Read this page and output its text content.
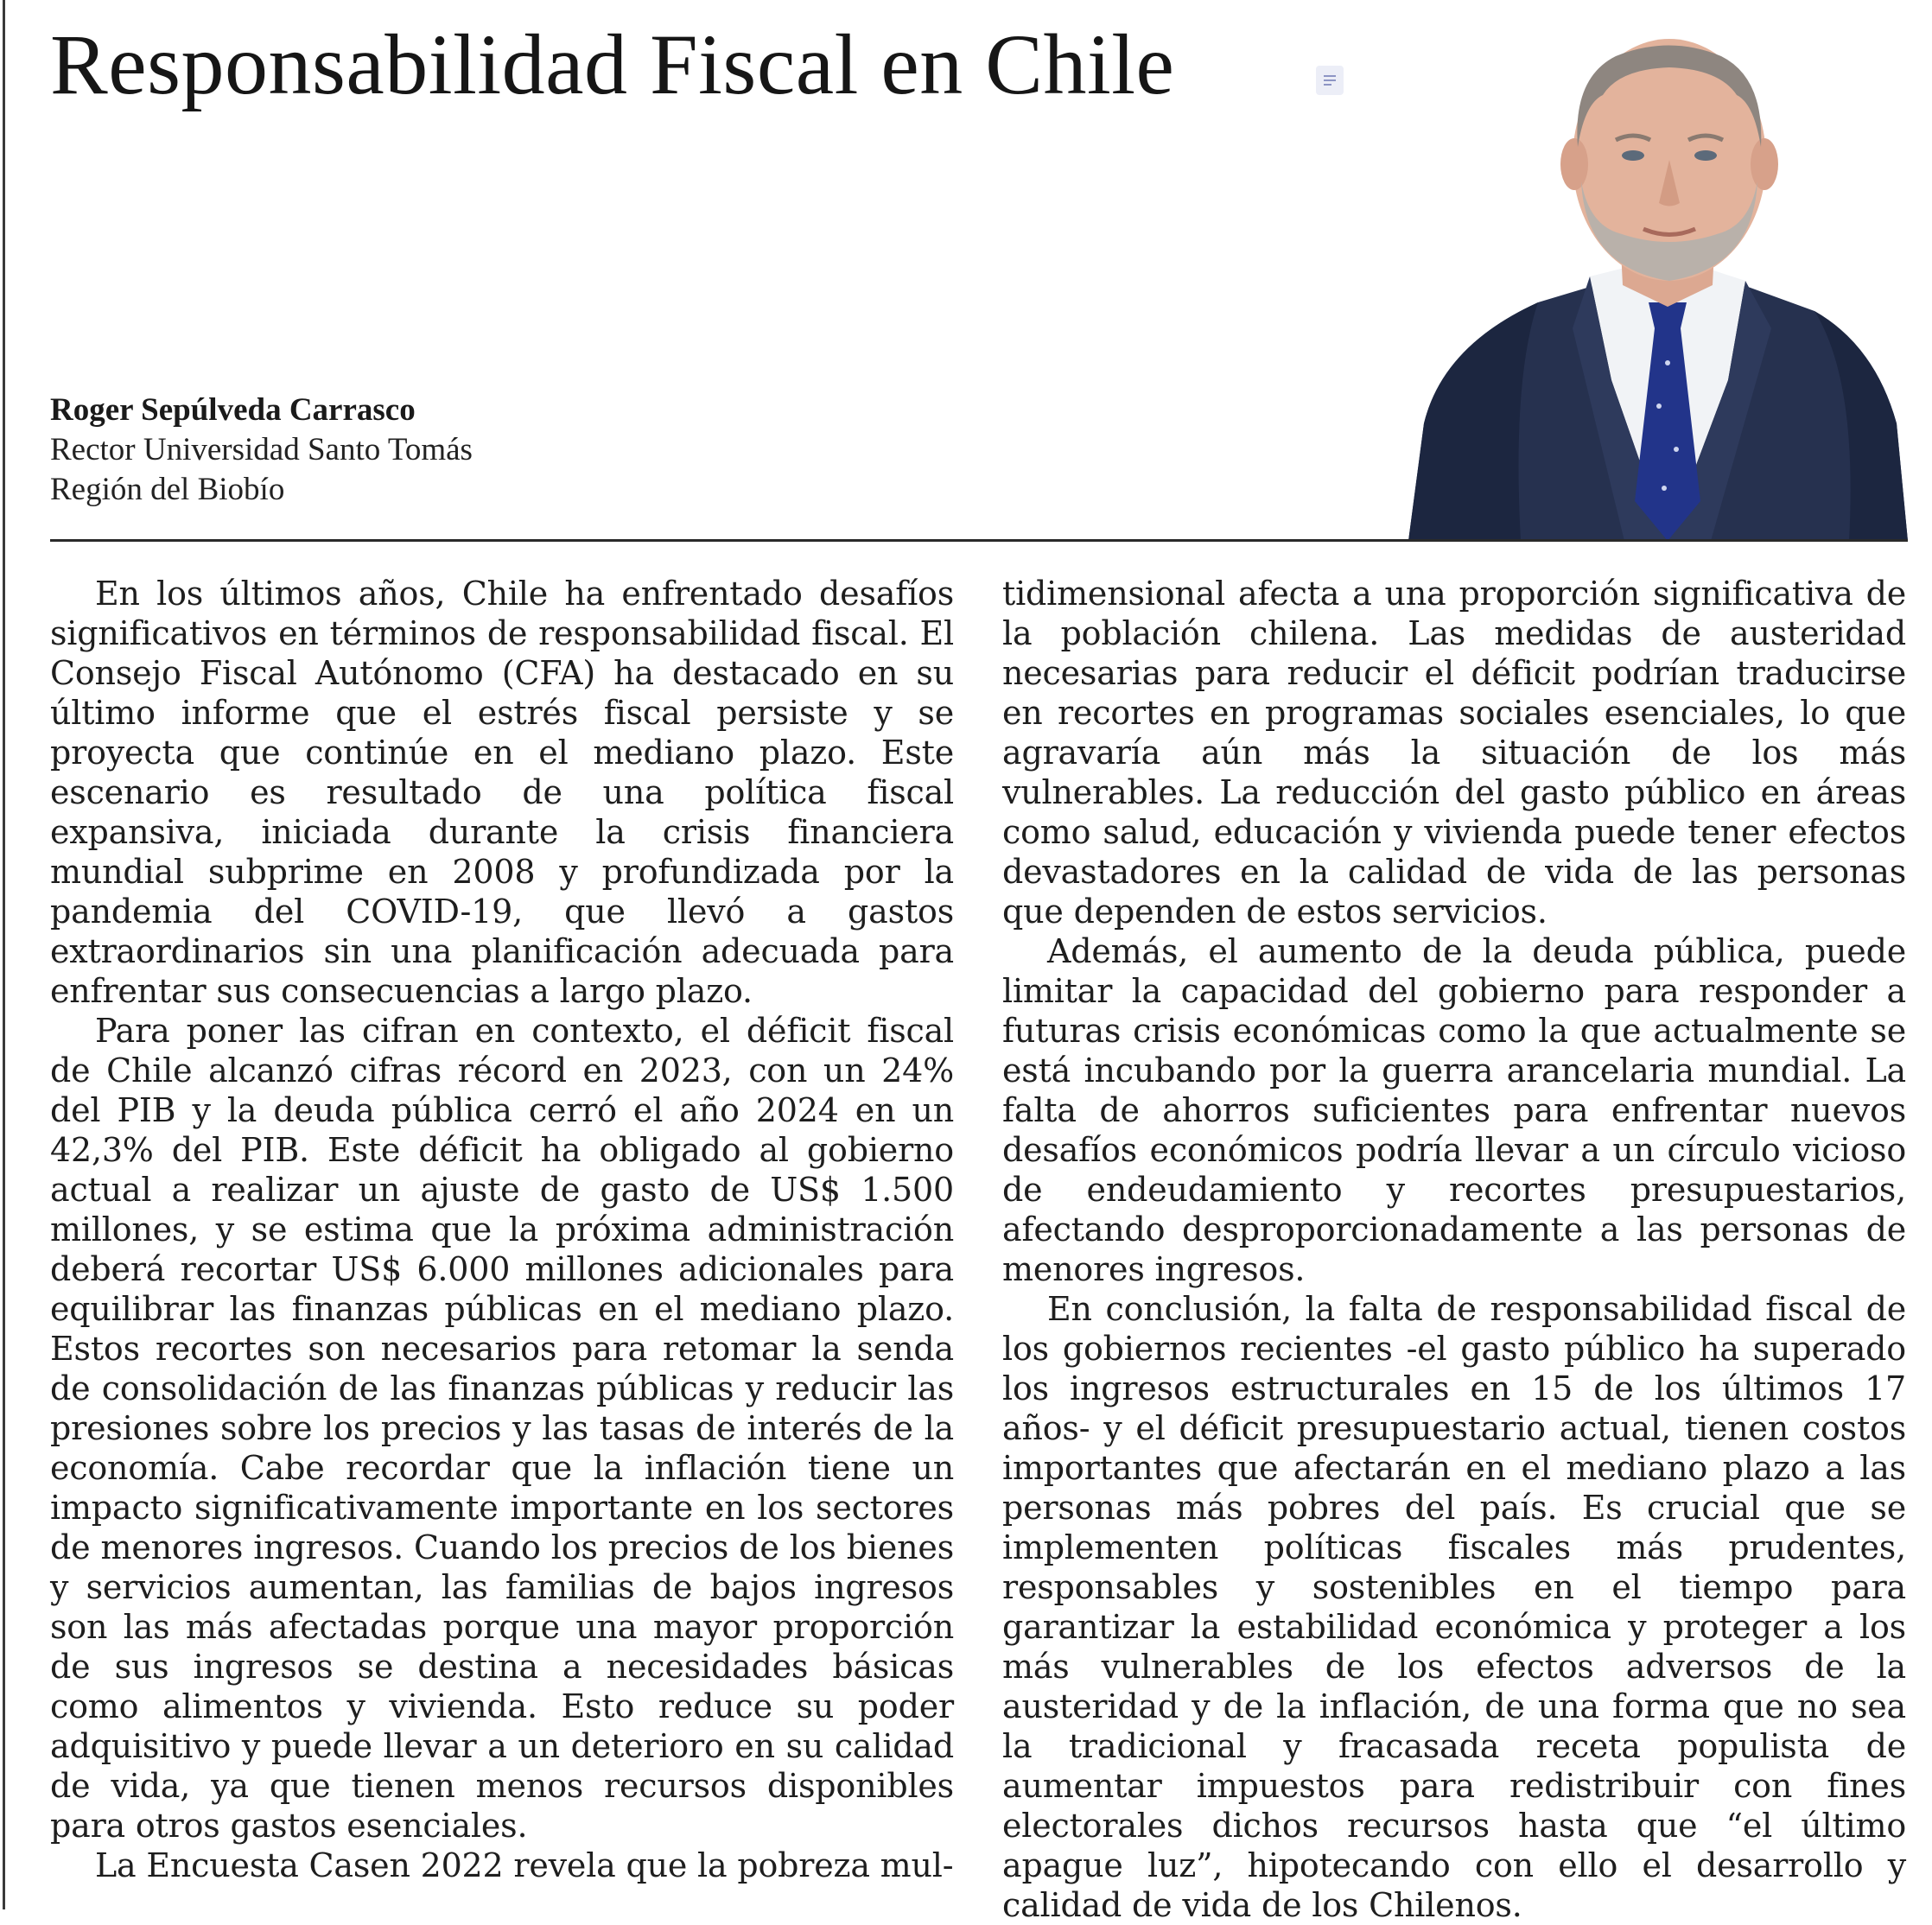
Responsabilidad Fiscal en Chile
Roger Sepúlveda Carrasco
Rector Universidad Santo Tomás
Región del Biobío

En los últimos años, Chile ha enfrentado desafíos significativos en términos de responsabilidad fiscal. El Consejo Fiscal Autónomo (CFA) ha destacado en su último informe que el estrés fiscal persiste y se proyecta que continúe en el mediano plazo. Este escenario es resultado de una política fiscal expansiva, iniciada durante la crisis financiera mundial subprime en 2008 y profundizada por la pandemia del COVID-19, que llevó a gastos extraordinarios sin una planificación adecuada para enfrentar sus consecuencias a largo plazo.

Para poner las cifran en contexto, el déficit fiscal de Chile alcanzó cifras récord en 2023, con un 24% del PIB y la deuda pública cerró el año 2024 en un 42,3% del PIB. Este déficit ha obligado al gobierno actual a realizar un ajuste de gasto de US$ 1.500 millones, y se estima que la próxima administración deberá recortar US$ 6.000 millones adicionales para equilibrar las finanzas públicas en el mediano plazo. Estos recortes son necesarios para retomar la senda de consolidación de las finanzas públicas y reducir las presiones sobre los precios y las tasas de interés de la economía. Cabe recordar que la inflación tiene un impacto significativamente importante en los sectores de menores ingresos. Cuando los precios de los bienes y servicios aumentan, las familias de bajos ingresos son las más afectadas porque una mayor proporción de sus ingresos se destina a necesidades básicas como alimentos y vivienda. Esto reduce su poder adquisitivo y puede llevar a un deterioro en su calidad de vida, ya que tienen menos recursos disponibles para otros gastos esenciales.

La Encuesta Casen 2022 revela que la pobreza mul-

tidimensional afecta a una proporción significativa de la población chilena. Las medidas de austeridad necesarias para reducir el déficit podrían traducirse en recortes en programas sociales esenciales, lo que agravaría aún más la situación de los más vulnerables. La reducción del gasto público en áreas como salud, educación y vivienda puede tener efectos devastadores en la calidad de vida de las personas que dependen de estos servicios.

Además, el aumento de la deuda pública, puede limitar la capacidad del gobierno para responder a futuras crisis económicas como la que actualmente se está incubando por la guerra arancelaria mundial. La falta de ahorros suficientes para enfrentar nuevos desafíos económicos podría llevar a un círculo vicioso de endeudamiento y recortes presupuestarios, afectando desproporcionadamente a las personas de menores ingresos.

En conclusión, la falta de responsabilidad fiscal de los gobiernos recientes -el gasto público ha superado los ingresos estructurales en 15 de los últimos 17 años- y el déficit presupuestario actual, tienen costos importantes que afectarán en el mediano plazo a las personas más pobres del país. Es crucial que se implementen políticas fiscales más prudentes, responsables y sostenibles en el tiempo para garantizar la estabilidad económica y proteger a los más vulnerables de los efectos adversos de la austeridad y de la inflación, de una forma que no sea la tradicional y fracasada receta populista de aumentar impuestos para redistribuir con fines electorales dichos recursos hasta que “el último apague luz”, hipotecando con ello el desarrollo y calidad de vida de los Chilenos.
